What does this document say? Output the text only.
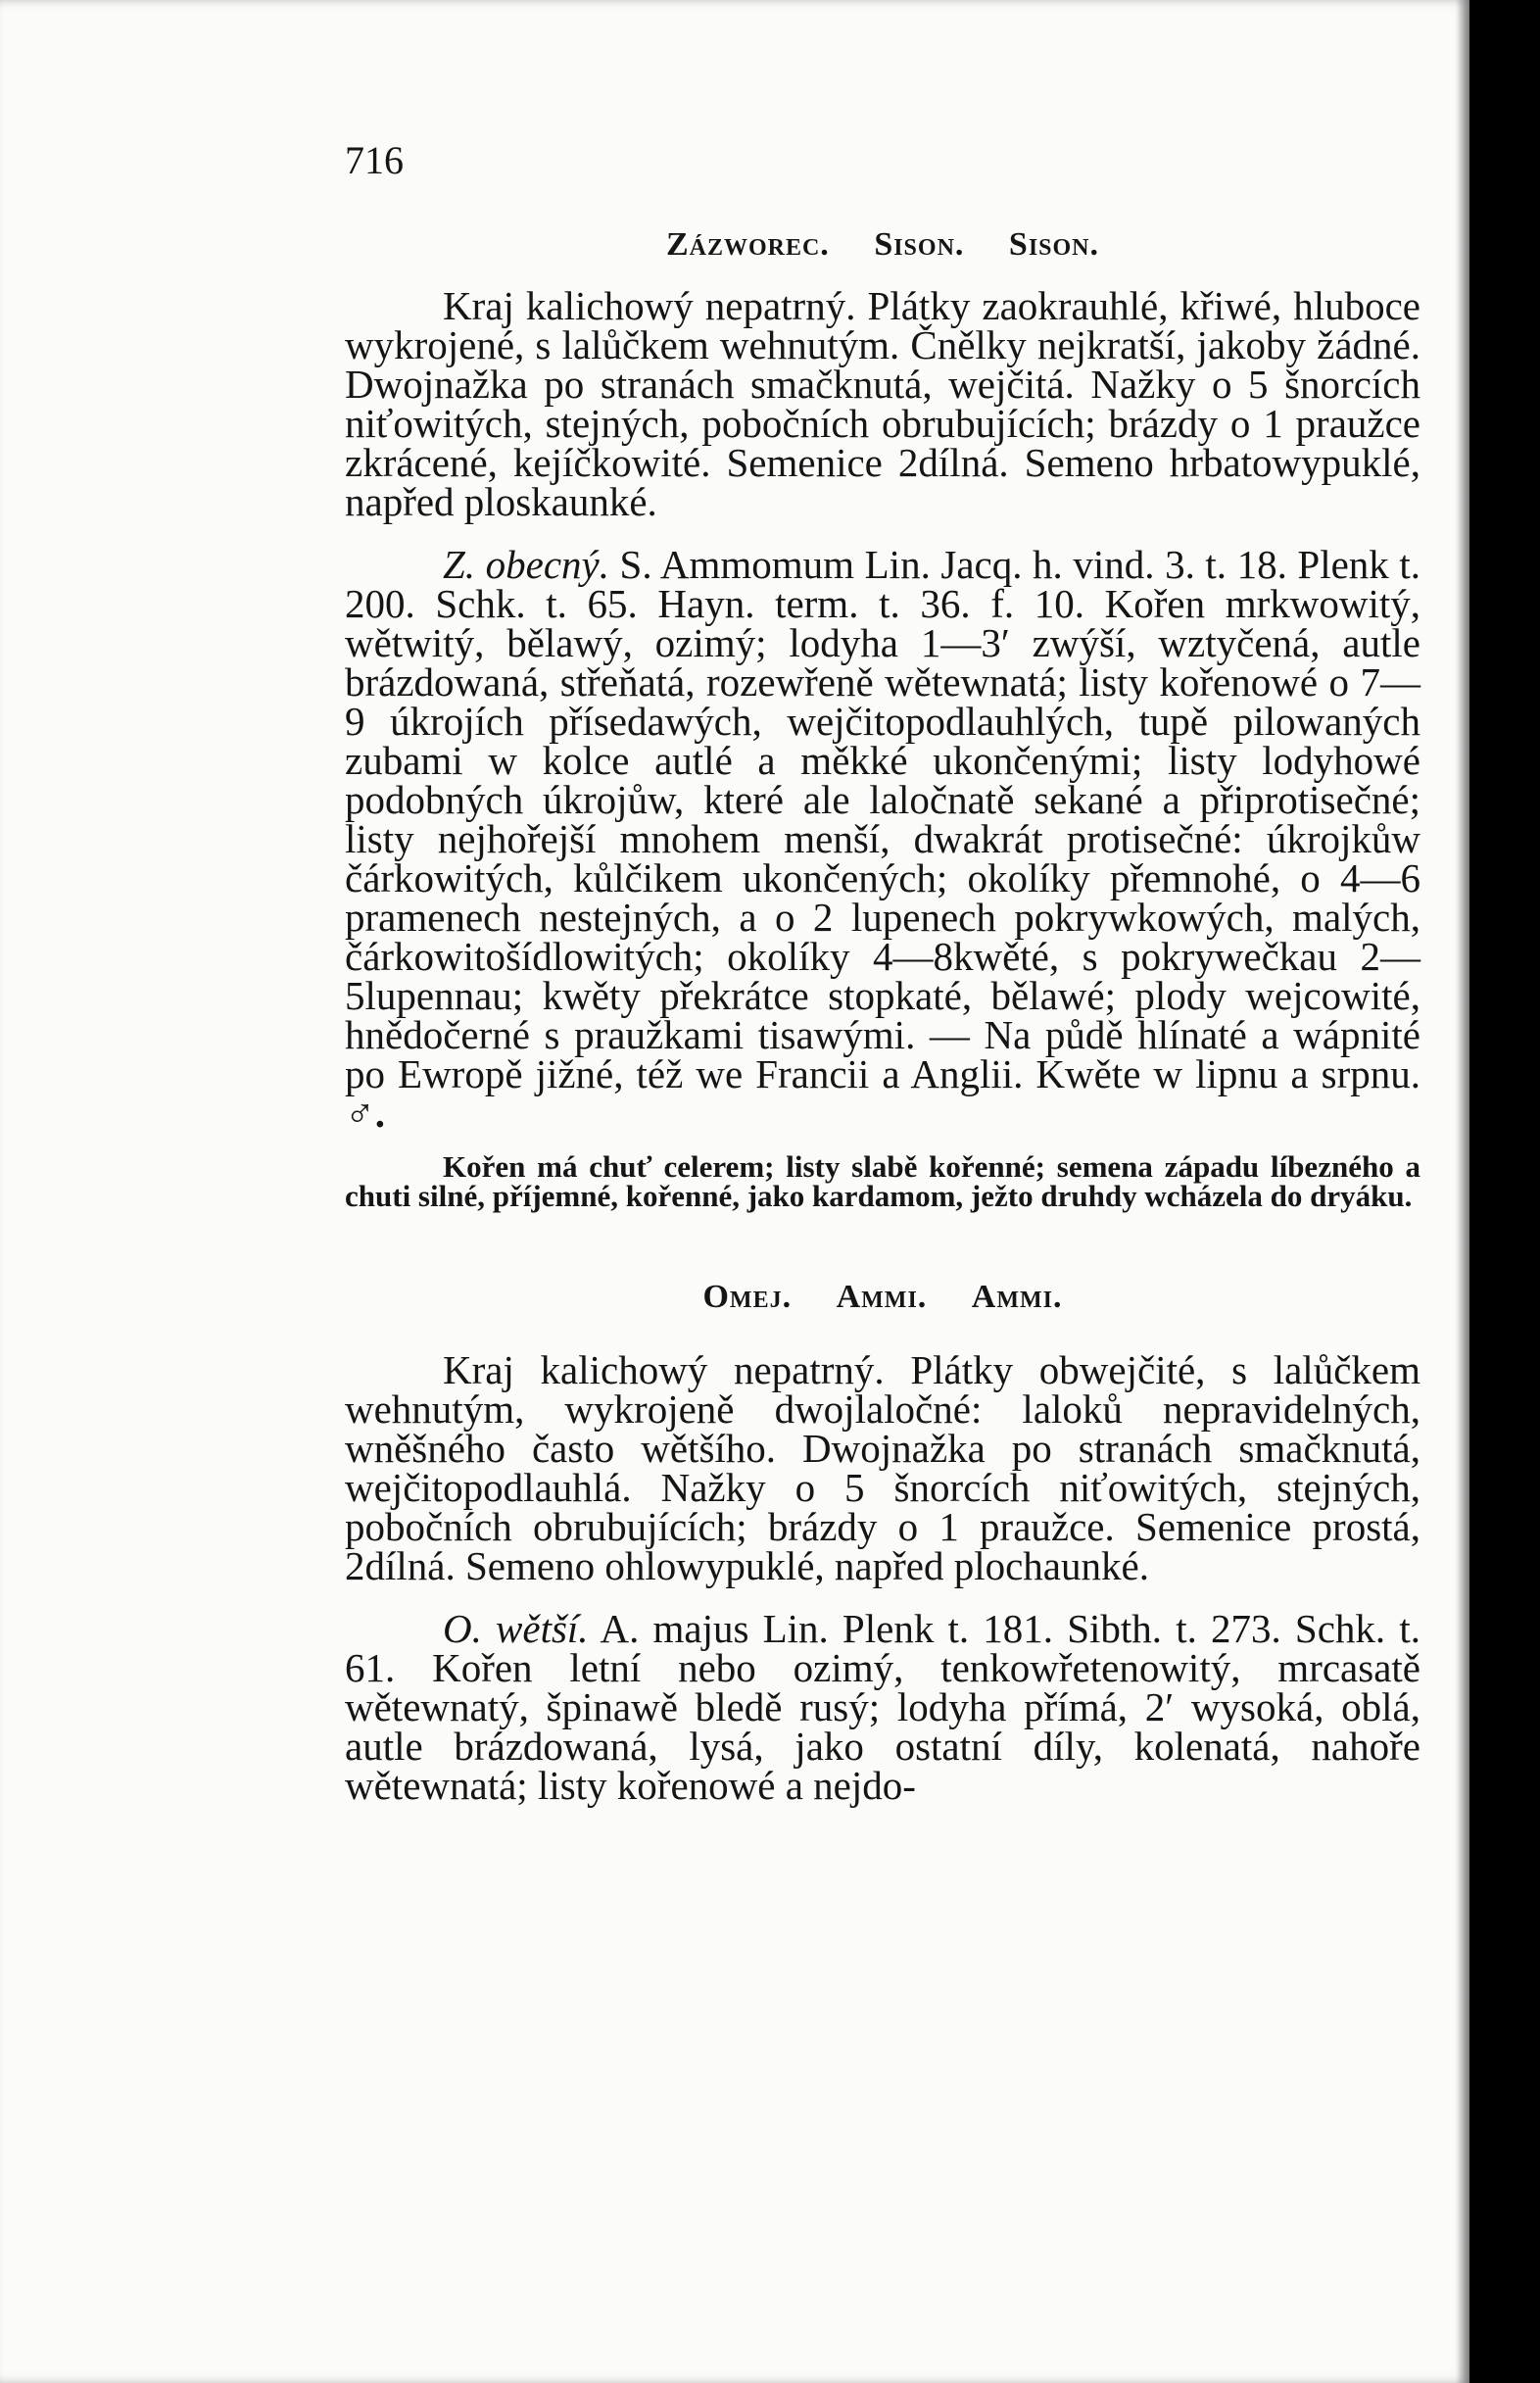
716

Zázworec. Sison. Sison.

Kraj kalichowý nepatrný. Plátky zaokrauhlé, křiwé, hluboce wykrojené, s lalůčkem wehnutým. Čnělky nejkratší, jakoby žádné. Dwojnažka po stranách smačknutá, wejčitá. Nažky o 5 šnorcích niťowitých, stejných, pobočních obrubujících; brázdy o 1 praužce zkrácené, kejíčkowité. Semenice 2dílná. Semeno hrbatowypuklé, napřed ploskaunké.

Z. obecný. S. Ammomum Lin. Jacq. h. vind. 3. t. 18. Plenk t. 200. Schk. t. 65. Hayn. term. t. 36. f. 10. Kořen mrkwowitý, wětwitý, bělawý, ozimý; lodyha 1—3′ zwýší, wztyčená, autle brázdowaná, střeňatá, rozewřeně wětewnatá; listy kořenowé o 7—9 úkrojích přísedawých, wejčitopodlauhlých, tupě pilowaných zubami w kolce autlé a měkké ukončenými; listy lodyhowé podobných úkrojůw, které ale laločnatě sekané a připrotisečné; listy nejhořejší mnohem menší, dwakrát protisečné: úkrojkůw čárkowitých, kůlčikem ukončených; okolíky přemnohé, o 4—6 pramenech nestejných, a o 2 lupenech pokrywkowých, malých, čárkowitošídlowitých; okolíky 4—8kwěté, s pokrywečkau 2—5lupennau; kwěty překrátce stopkaté, bělawé; plody wejcowité, hnědočerné s praužkami tisawými. — Na půdě hlínaté a wápnité po Ewropě jižné, též we Francii a Anglii. Kwěte w lipnu a srpnu. ♂.

Kořen má chuť celerem; listy slabě kořenné; semena západu líbezného a chuti silné, příjemné, kořenné, jako kardamom, ježto druhdy wcházela do dryáku.

Omej. Ammi. Ammi.

Kraj kalichowý nepatrný. Plátky obwejčité, s lalůčkem wehnutým, wykrojeně dwojlaločné: laloků nepravidelných, wněšného často wětšího. Dwojnažka po stranách smačknutá, wejčitopodlauhlá. Nažky o 5 šnorcích niťowitých, stejných, pobočních obrubujících; brázdy o 1 praužce. Semenice prostá, 2dílná. Semeno ohlowypuklé, napřed plochaunké.

O. wětší. A. majus Lin. Plenk t. 181. Sibth. t. 273. Schk. t. 61. Kořen letní nebo ozimý, tenkowřetenowitý, mrcasatě wětewnatý, špinawě bledě rusý; lodyha přímá, 2′ wysoká, oblá, autle brázdowaná, lysá, jako ostatní díly, kolenatá, nahoře wětewnatá; listy kořenowé a nejdo-
